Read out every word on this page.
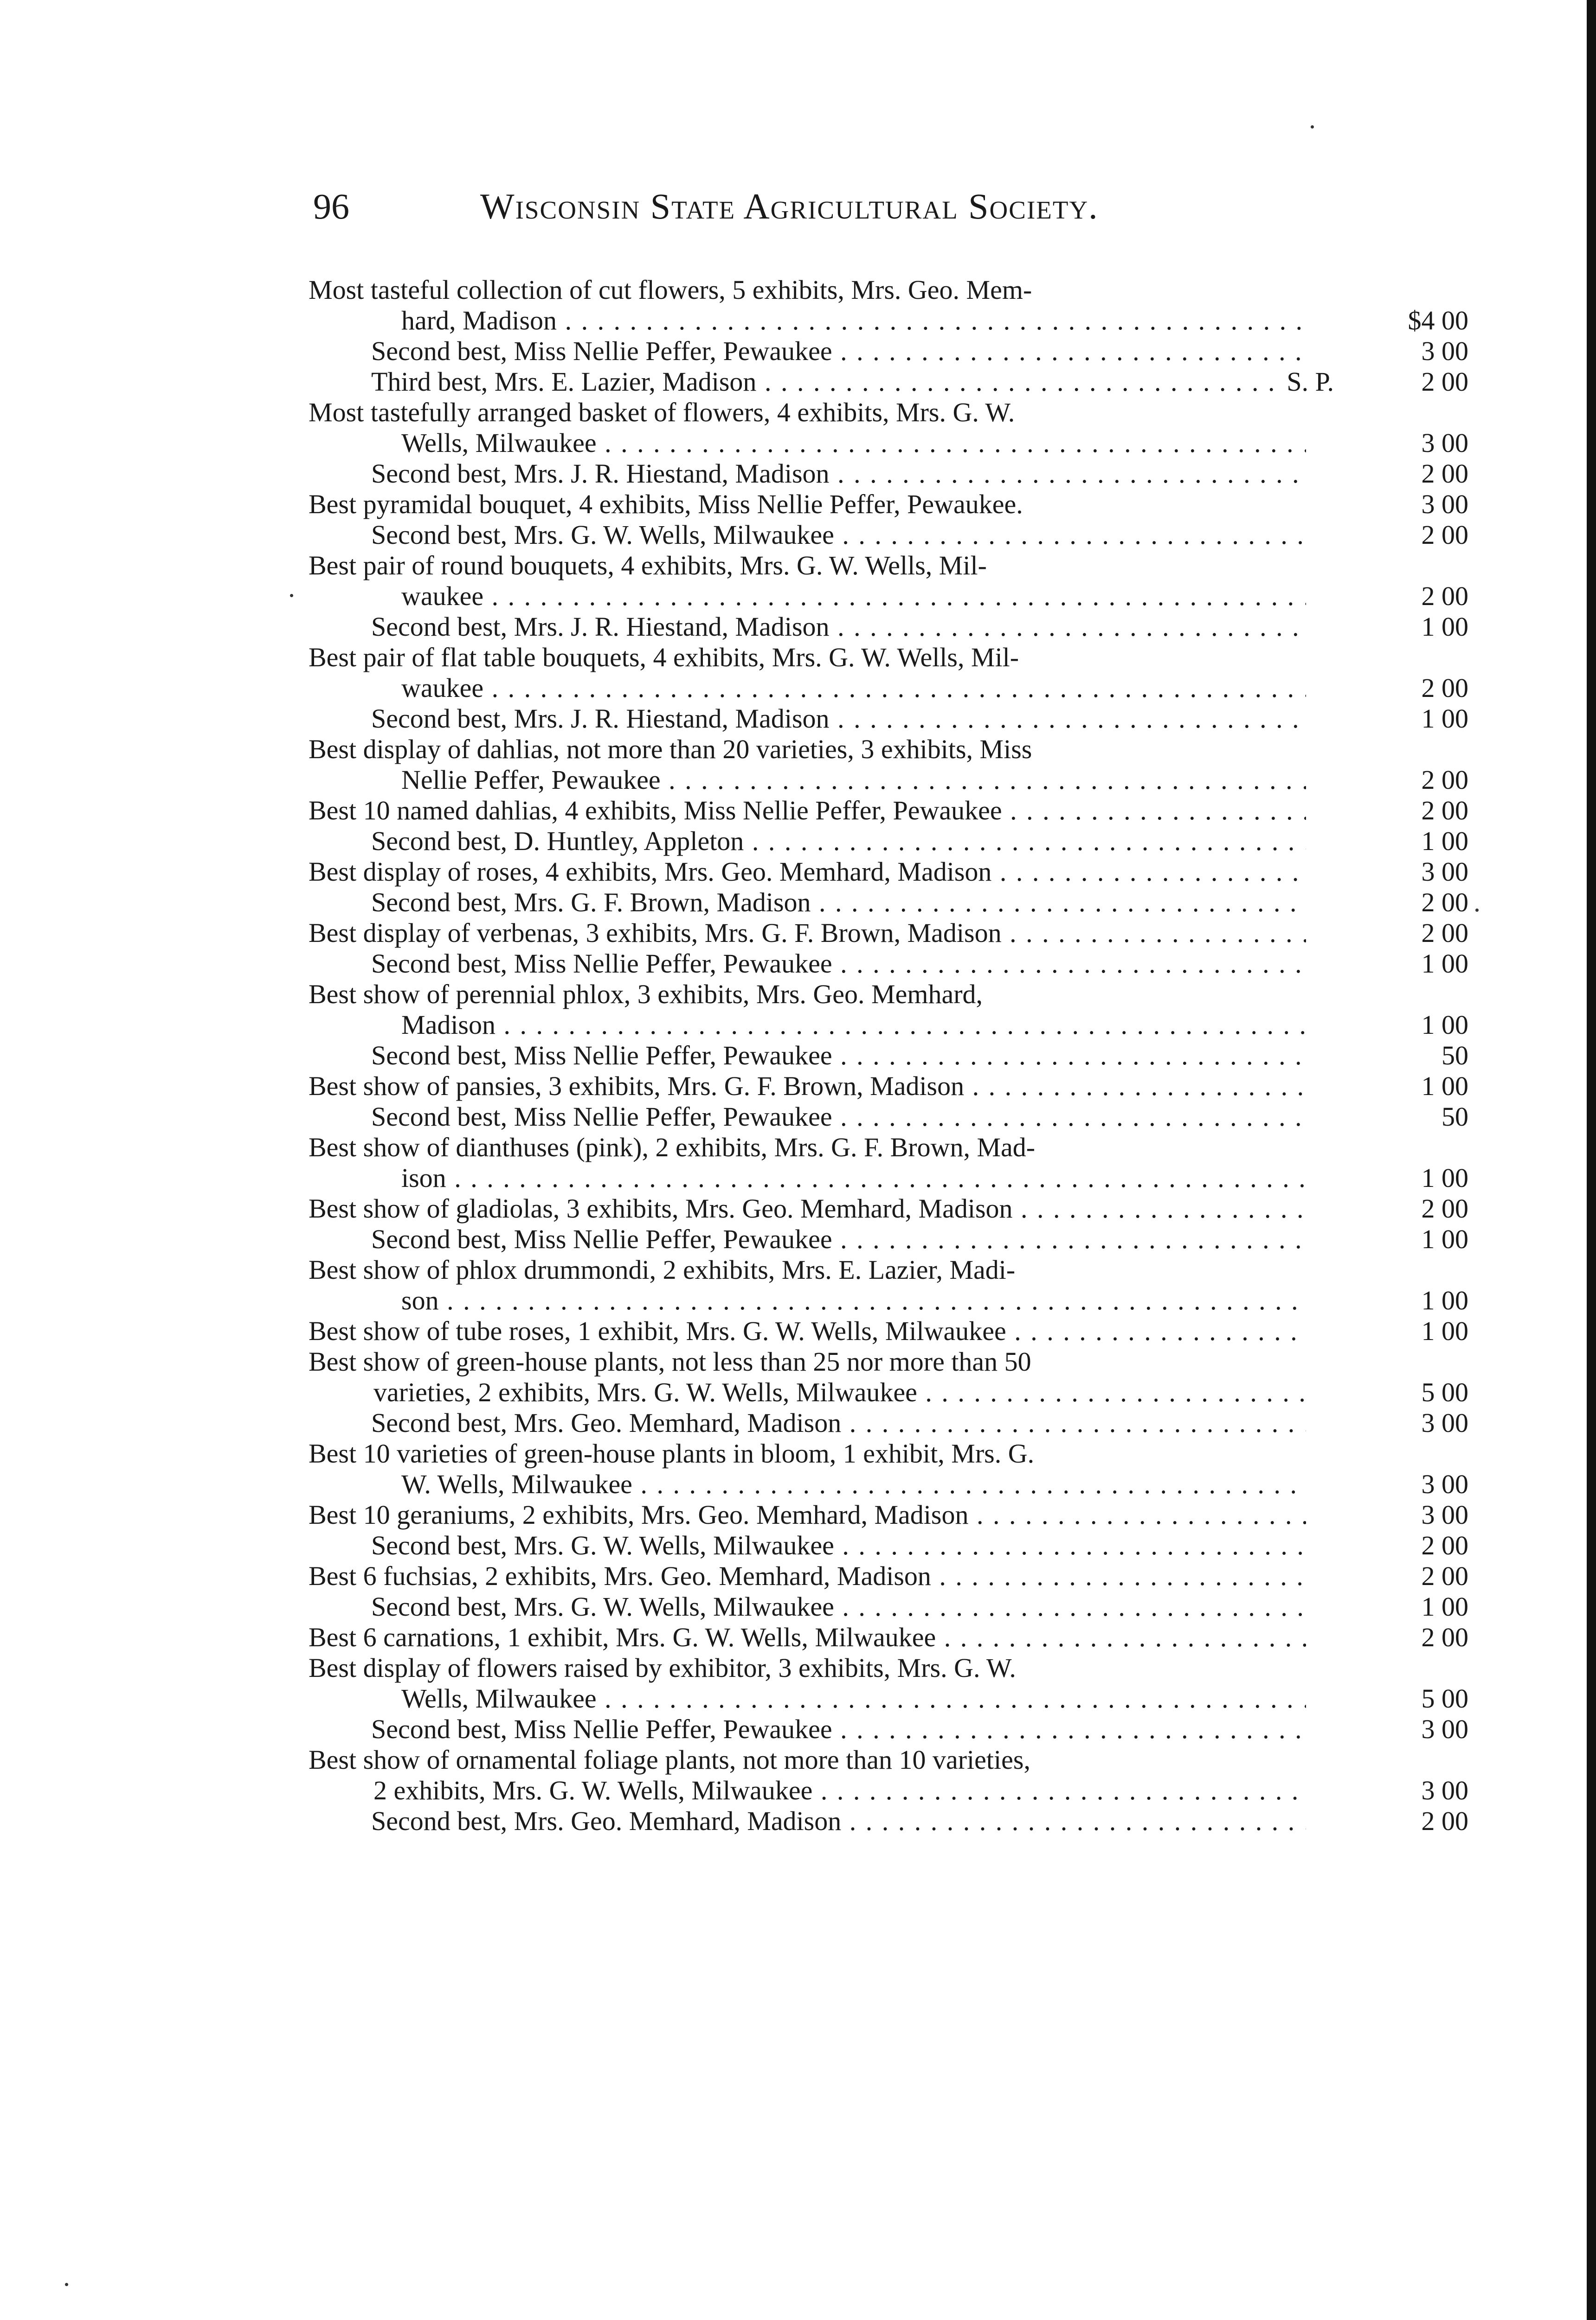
96	Wisconsin State Agricultural Society.
Most tasteful collection of cut flowers, 5 exhibits, Mrs. Geo. Mem-
hard, Madison . . .	$4 00
Second best, Miss Nellie Peffer, Pewaukee . . .	3 00
Third best, Mrs. E. Lazier, Madison . . .	S. P.	2 00
Most tastefully arranged basket of flowers, 4 exhibits, Mrs. G. W.
Wells, Milwaukee . . .	3 00
Second best, Mrs. J. R. Hiestand, Madison . . .	2 00
Best pyramidal bouquet, 4 exhibits, Miss Nellie Peffer, Pewaukee.	3 00
Second best, Mrs. G. W. Wells, Milwaukee . . .	2 00
Best pair of round bouquets, 4 exhibits, Mrs. G. W. Wells, Mil-
waukee . . .	2 00
Second best, Mrs. J. R. Hiestand, Madison . . .	1 00
Best pair of flat table bouquets, 4 exhibits, Mrs. G. W. Wells, Mil-
waukee . . .	2 00
Second best, Mrs. J. R. Hiestand, Madison . . .	1 00
Best display of dahlias, not more than 20 varieties, 3 exhibits, Miss
Nellie Peffer, Pewaukee . . .	2 00
Best 10 named dahlias, 4 exhibits, Miss Nellie Peffer, Pewaukee . . .	2 00
Second best, D. Huntley, Appleton . . .	1 00
Best display of roses, 4 exhibits, Mrs. Geo. Memhard, Madison . . .	3 00
Second best, Mrs. G. F. Brown, Madison . . .	2 00
Best display of verbenas, 3 exhibits, Mrs. G. F. Brown, Madison . . .	2 00
Second best, Miss Nellie Peffer, Pewaukee . . .	1 00
Best show of perennial phlox, 3 exhibits, Mrs. Geo. Memhard,
Madison . . .	1 00
Second best, Miss Nellie Peffer, Pewaukee . . .	50
Best show of pansies, 3 exhibits, Mrs. G. F. Brown, Madison . . .	1 00
Second best, Miss Nellie Peffer, Pewaukee . . .	50
Best show of dianthuses (pink), 2 exhibits, Mrs. G. F. Brown, Mad-
ison . . .	1 00
Best show of gladiolas, 3 exhibits, Mrs. Geo. Memhard, Madison . . .	2 00
Second best, Miss Nellie Peffer, Pewaukee . . .	1 00
Best show of phlox drummondi, 2 exhibits, Mrs. E. Lazier, Madi-
son . . .	1 00
Best show of tube roses, 1 exhibit, Mrs. G. W. Wells, Milwaukee . . .	1 00
Best show of green-house plants, not less than 25 nor more than 50
varieties, 2 exhibits, Mrs. G. W. Wells, Milwaukee . . .	5 00
Second best, Mrs. Geo. Memhard, Madison . . .	3 00
Best 10 varieties of green-house plants in bloom, 1 exhibit, Mrs. G.
W. Wells, Milwaukee . . .	3 00
Best 10 geraniums, 2 exhibits, Mrs. Geo. Memhard, Madison . . .	3 00
Second best, Mrs. G. W. Wells, Milwaukee . . .	2 00
Best 6 fuchsias, 2 exhibits, Mrs. Geo. Memhard, Madison . . .	2 00
Second best, Mrs. G. W. Wells, Milwaukee . . .	1 00
Best 6 carnations, 1 exhibit, Mrs. G. W. Wells, Milwaukee . . .	2 00
Best display of flowers raised by exhibitor, 3 exhibits, Mrs. G. W.
Wells, Milwaukee . . .	5 00
Second best, Miss Nellie Peffer, Pewaukee . . .	3 00
Best show of ornamental foliage plants, not more than 10 varieties,
2 exhibits, Mrs. G. W. Wells, Milwaukee . . .	3 00
Second best, Mrs. Geo. Memhard, Madison . . .	2 00
